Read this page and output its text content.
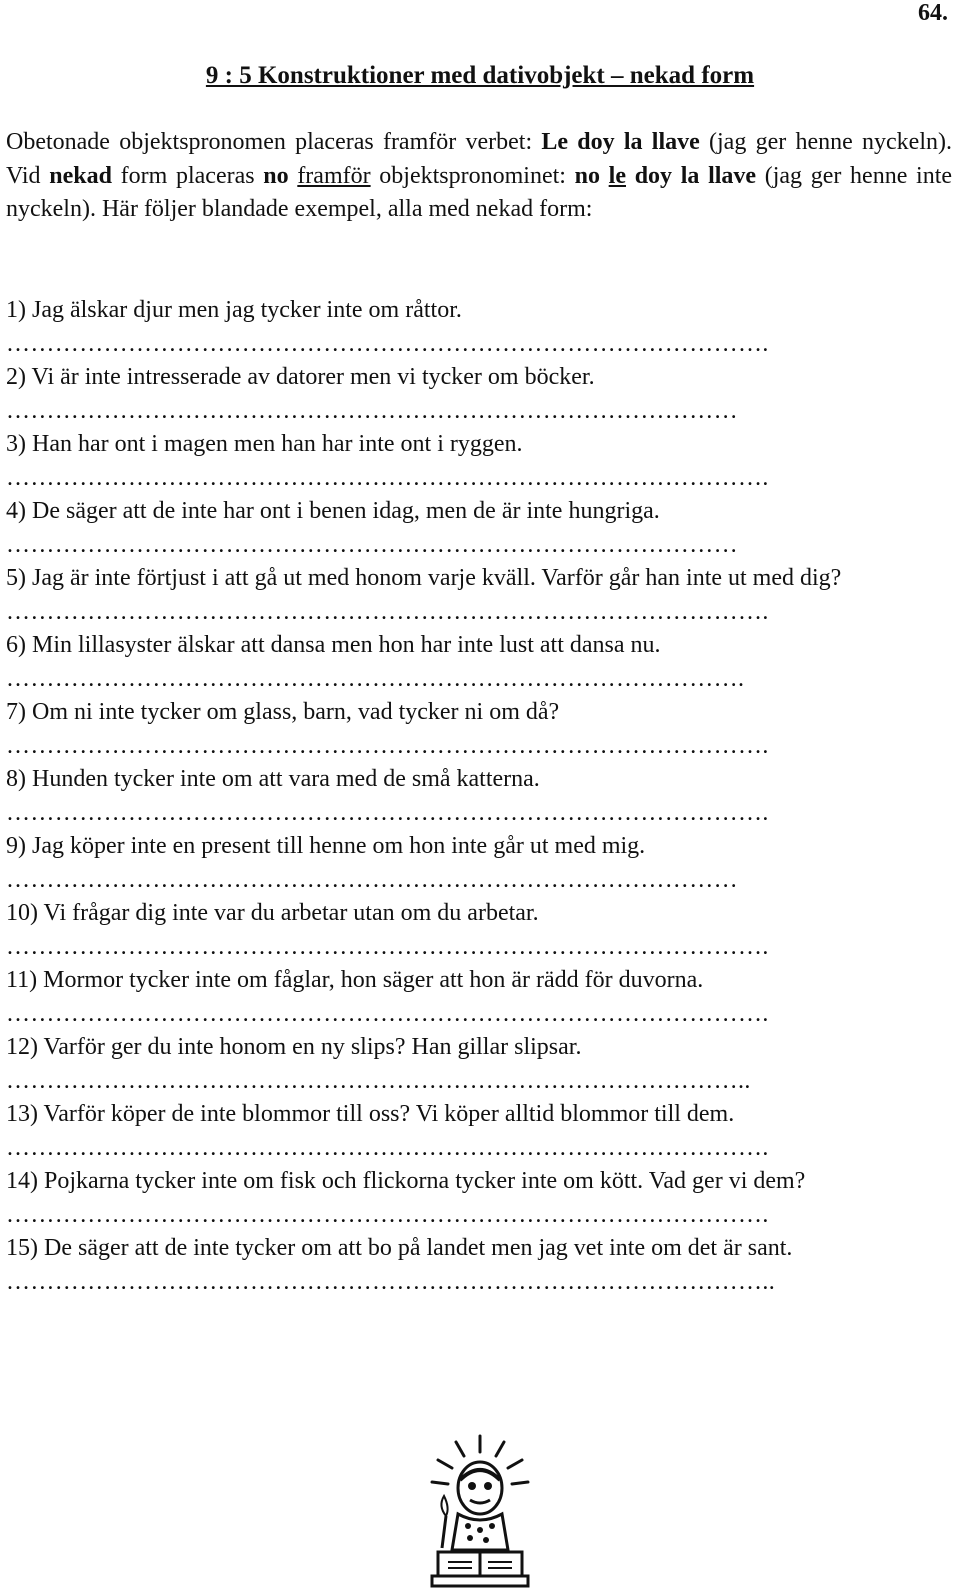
64.
9 : 5 Konstruktioner med dativobjekt – nekad form
Obetonade objektspronomen placeras framför verbet: Le doy la llave (jag ger henne nyckeln). Vid nekad form placeras no framför objektspronominet: no le doy la llave (jag ger henne inte nyckeln). Här följer blandade exempel, alla med nekad form:
1) Jag älskar djur men jag tycker inte om råttor.
………………………………………………………………………………….
2) Vi är inte intresserade av datorer men vi tycker om böcker.
………………………………………………………………………………
3) Han har ont i magen men han har inte ont i ryggen.
………………………………………………………………………………….
4) De säger att de inte har ont i benen idag, men de är inte hungriga.
………………………………………………………………………………
5) Jag är inte förtjust i att gå ut med honom varje kväll. Varför går han inte ut med dig?
………………………………………………………………………………….
6) Min lillasyster älskar att dansa men hon har inte lust att dansa nu.
……………………………………………………………………………….
7) Om ni inte tycker om glass, barn, vad tycker ni om då?
………………………………………………………………………………….
8) Hunden tycker inte om att vara med de små katterna.
………………………………………………………………………………….
9) Jag köper inte en present till henne om hon inte går ut med mig.
………………………………………………………………………………
10) Vi frågar dig inte var du arbetar utan om du arbetar.
………………………………………………………………………………….
11) Mormor tycker inte om fåglar, hon säger att hon är rädd för duvorna.
………………………………………………………………………………….
12) Varför ger du inte honom en ny slips? Han gillar slipsar.
………………………………………………………………………………..
13) Varför köper de inte blommor till oss? Vi köper alltid blommor till dem.
………………………………………………………………………………….
14) Pojkarna tycker inte om fisk och flickorna tycker inte om kött. Vad ger vi dem?
………………………………………………………………………………….
15) De säger att de inte tycker om att bo på landet men jag vet inte om det är sant.
…………………………………………………………………………………..
